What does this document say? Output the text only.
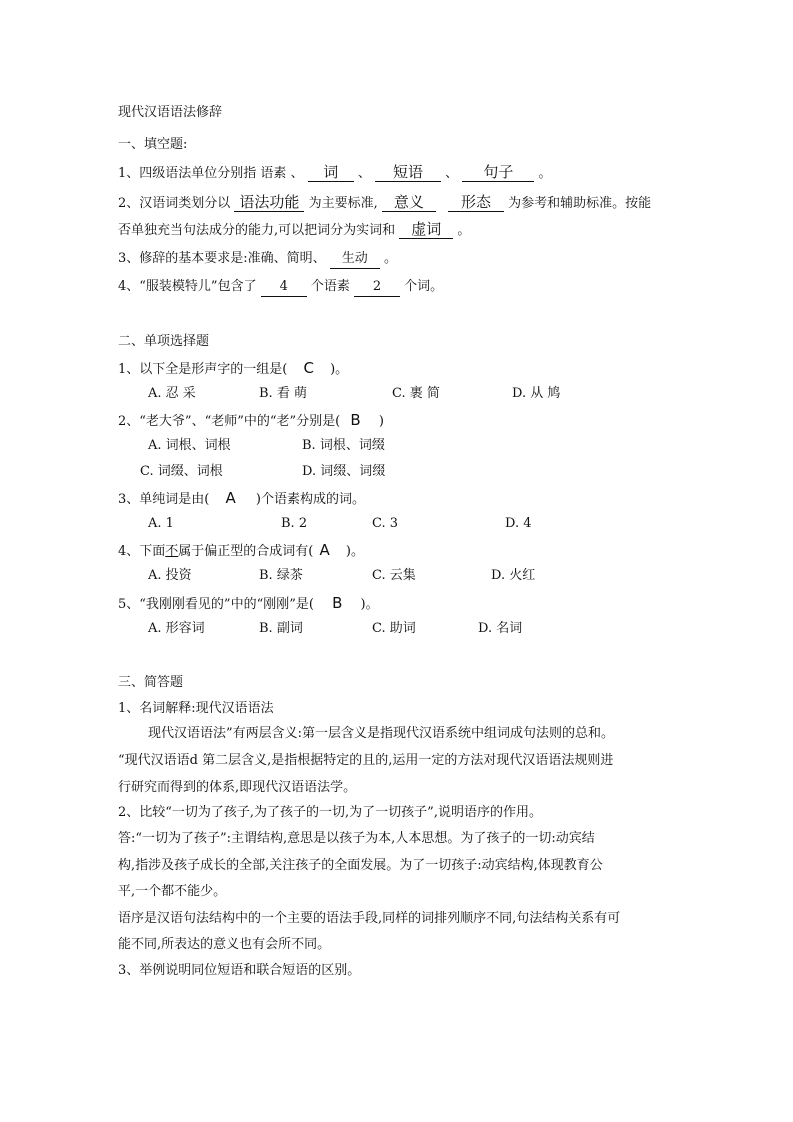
现代汉语语法修辞
一、填空题:
1、四级语法单位分别指 语素 、 词 、 短语 、 句子 。
2、汉语词类划分以 语法功能 为主要标准, 意义 形态 为参考和辅助标准。按能
否单独充当句法成分的能力,可以把词分为实词和 虚词 。
3、修辞的基本要求是:准确、简明、 生动 。
4、“服装模特儿”包含了 4 个语素 2 个词。
二、单项选择题
1、以下全是形声字的一组是( C )。
A. 忍 采	B. 看 萌	C. 裹 简	D. 从 鸠
2、“老大爷”、“老师”中的“老”分别是( B )
A. 词根、词根	B. 词根、词缀
C. 词缀、词根	D. 词缀、词缀
3、单纯词是由( A )个语素构成的词。
A. 1	B. 2	C. 3	D. 4
4、下面不属于偏正型的合成词有( A )。
A. 投资	B. 绿茶	C. 云集	D. 火红
5、“我刚刚看见的”中的“刚刚”是( B )。
A. 形容词	B. 副词	C. 助词	D. 名词
三、简答题
1、名词解释:现代汉语语法
现代汉语语法”有两层含义:第一层含义是指现代汉语系统中组词成句法则的总和。
“现代汉语语d 第二层含义,是指根据特定的且的,运用一定的方法对现代汉语语法规则进
行研究而得到的体系,即现代汉语语法学。
2、比较“一切为了孩子,为了孩子的一切,为了一切孩子”,说明语序的作用。
答:“一切为了孩子”:主谓结构,意思是以孩子为本,人本思想。为了孩子的一切:动宾结
构,指涉及孩子成长的全部,关注孩子的全面发展。为了一切孩子:动宾结构,体现教育公
平,一个都不能少。
语序是汉语句法结构中的一个主要的语法手段,同样的词排列顺序不同,句法结构关系有可
能不同,所表达的意义也有会所不同。
3、举例说明同位短语和联合短语的区别。
